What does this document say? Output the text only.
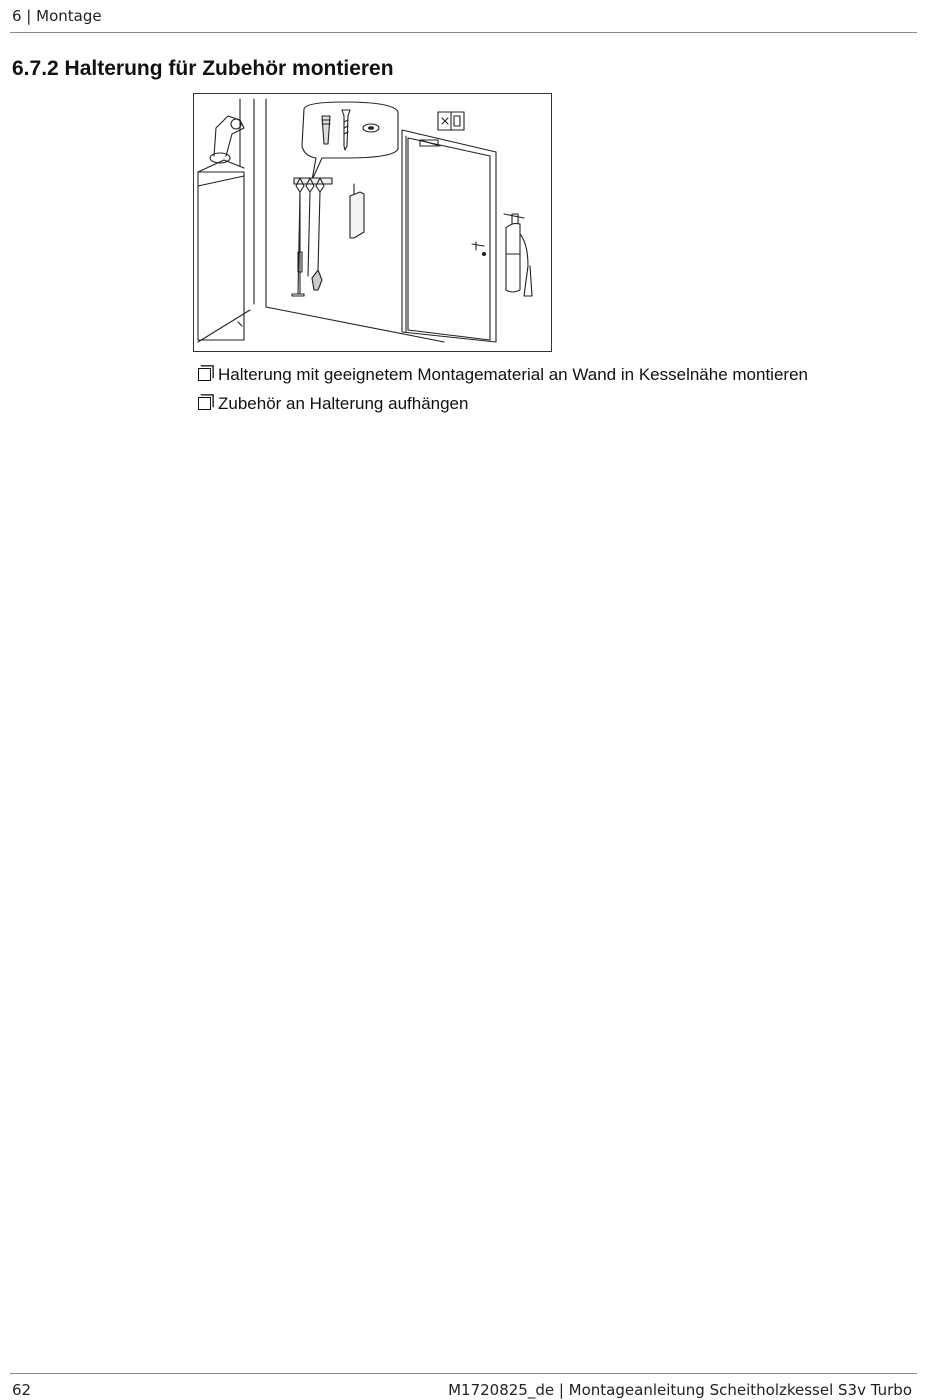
6 | Montage
6.7.2 Halterung für Zubehör montieren
Halterung mit geeignetem Montagematerial an Wand in Kesselnähe montieren
Zubehör an Halterung aufhängen
62	M1720825_de | Montageanleitung Scheitholzkessel S3v Turbo
